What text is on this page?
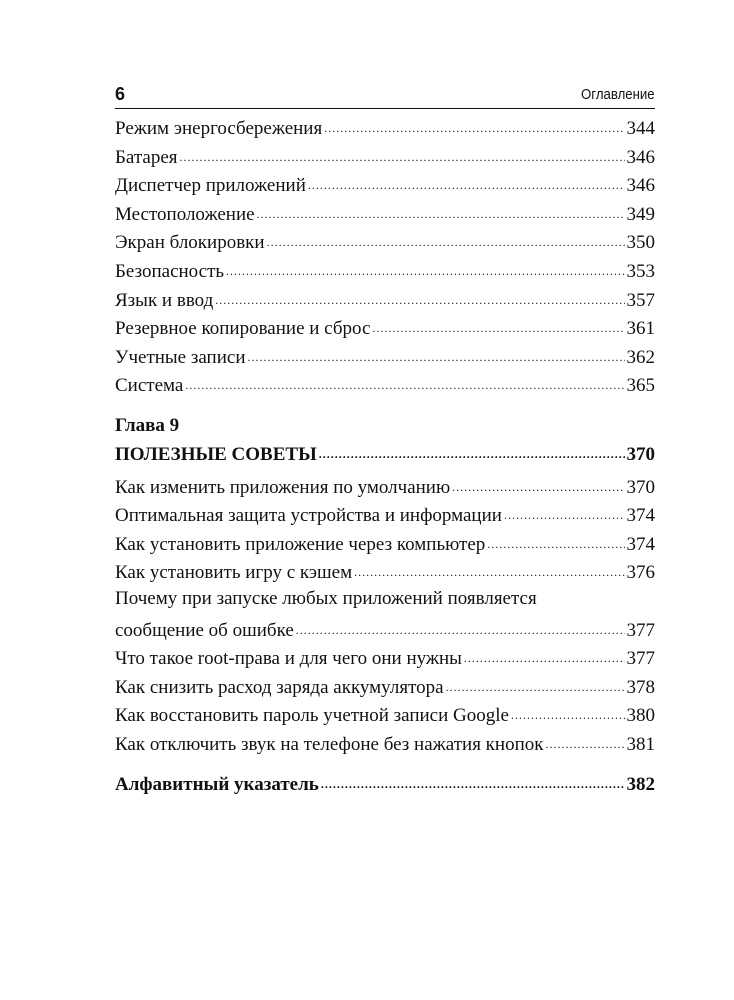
6	Оглавление
Режим энергосбережения .....	344
Батарея .....	346
Диспетчер приложений .....	346
Местоположение .....	349
Экран блокировки .....	350
Безопасность .....	353
Язык и ввод .....	357
Резервное копирование и сброс .....	361
Учетные записи .....	362
Система .....	365
Глава 9
ПОЛЕЗНЫЕ СОВЕТЫ .....	370
Как изменить приложения по умолчанию .....	370
Оптимальная защита устройства и информации .....	374
Как установить приложение через компьютер .....	374
Как установить игру с кэшем .....	376
Почему при запуске любых приложений появляется
сообщение об ошибке .....	377
Что такое root-права и для чего они нужны .....	377
Как снизить расход заряда аккумулятора .....	378
Как восстановить пароль учетной записи Google .....	380
Как отключить звук на телефоне без нажатия кнопок .....	381
Алфавитный указатель .....	382
